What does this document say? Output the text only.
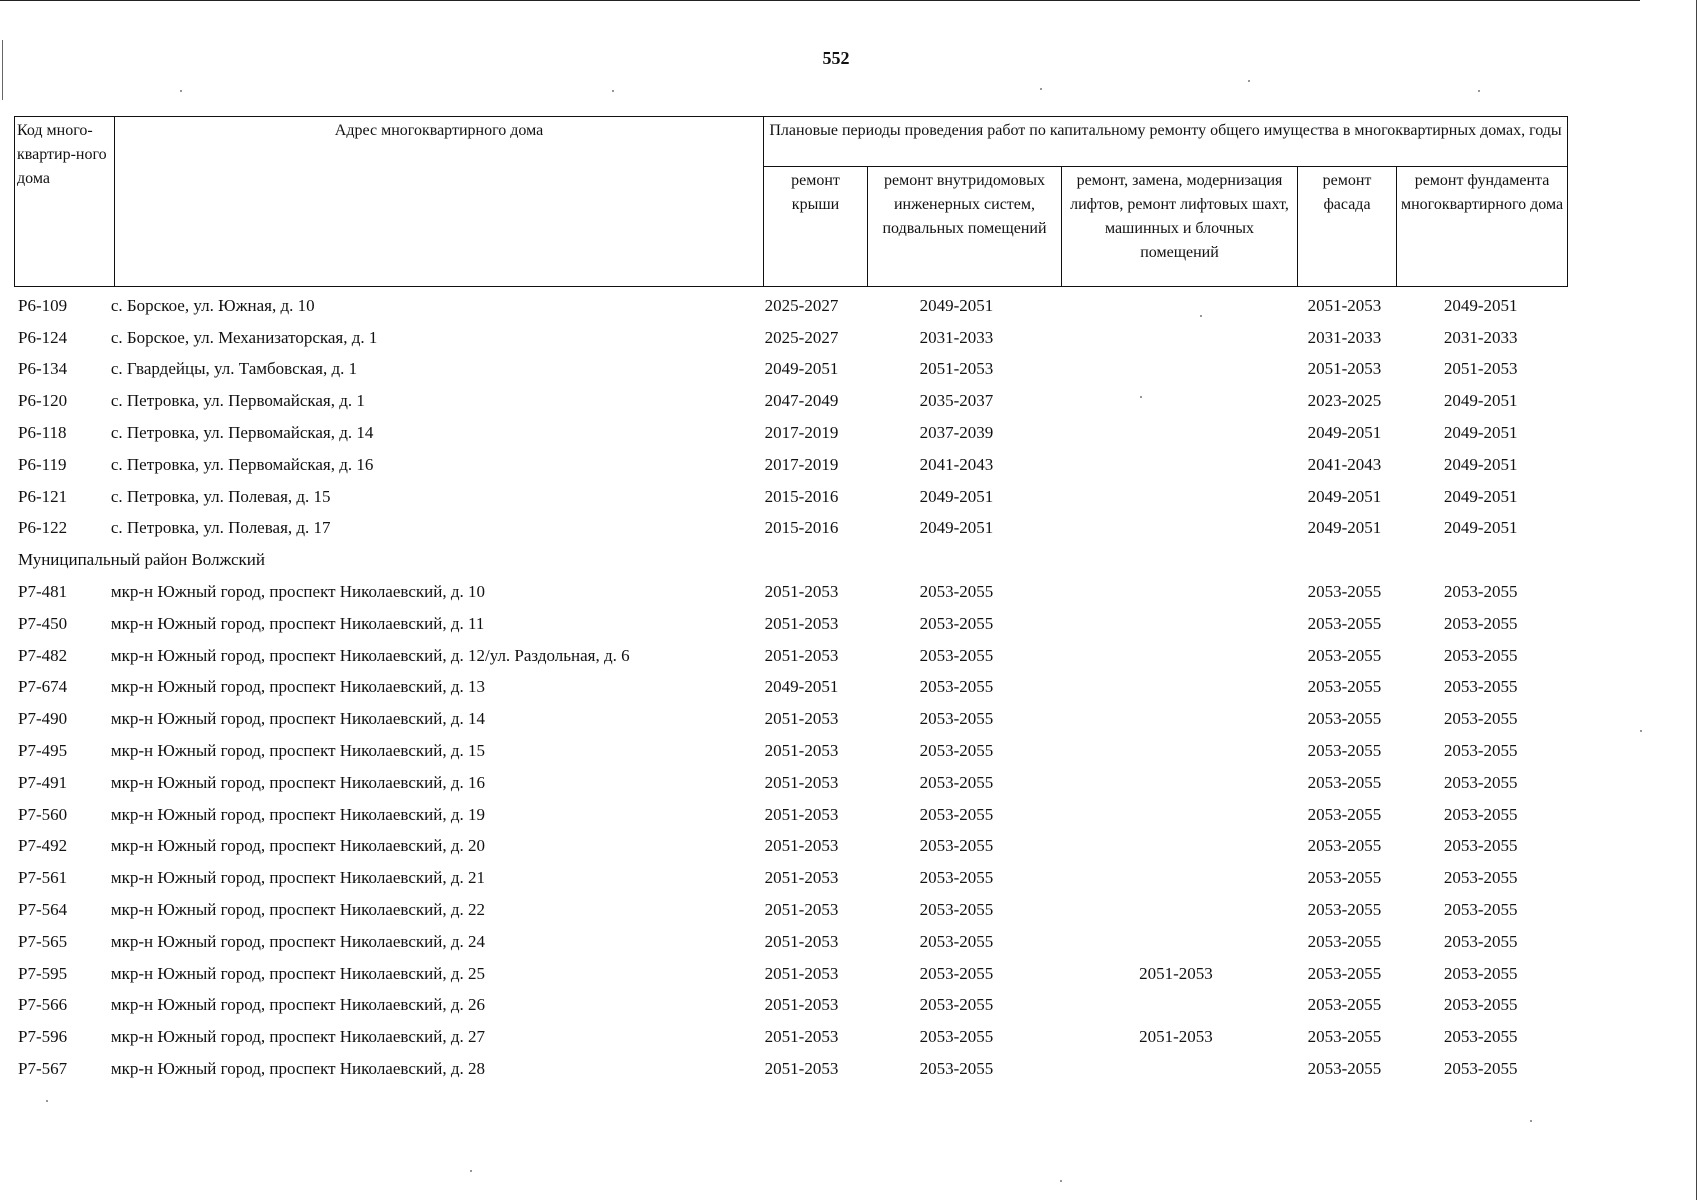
552
Код много-квартир-ного дома	Адрес многоквартирного дома	Плановые периоды проведения работ по капитальному ремонту общего имущества в многоквартирных домах, годы				
		ремонт крыши	ремонт внутридомовых инженерных систем, подвальных помещений	ремонт, замена, модернизация лифтов, ремонт лифтовых шахт, машинных и блочных помещений	ремонт фасада	ремонт фундамента многоквартирного дома
Р6-109	с. Борское, ул. Южная, д. 10	2025-2027	2049-2051		2051-2053	2049-2051
Р6-124	с. Борское, ул. Механизаторская, д. 1	2025-2027	2031-2033		2031-2033	2031-2033
Р6-134	с. Гвардейцы, ул. Тамбовская, д. 1	2049-2051	2051-2053		2051-2053	2051-2053
Р6-120	с. Петровка, ул. Первомайская, д. 1	2047-2049	2035-2037		2023-2025	2049-2051
Р6-118	с. Петровка, ул. Первомайская, д. 14	2017-2019	2037-2039		2049-2051	2049-2051
Р6-119	с. Петровка, ул. Первомайская, д. 16	2017-2019	2041-2043		2041-2043	2049-2051
Р6-121	с. Петровка, ул. Полевая, д. 15	2015-2016	2049-2051		2049-2051	2049-2051
Р6-122	с. Петровка, ул. Полевая, д. 17	2015-2016	2049-2051		2049-2051	2049-2051
Муниципальный район Волжский						
Р7-481	мкр-н Южный город, проспект Николаевский, д. 10	2051-2053	2053-2055		2053-2055	2053-2055
Р7-450	мкр-н Южный город, проспект Николаевский, д. 11	2051-2053	2053-2055		2053-2055	2053-2055
Р7-482	мкр-н Южный город, проспект Николаевский, д. 12/ул. Раздольная, д. 6	2051-2053	2053-2055		2053-2055	2053-2055
Р7-674	мкр-н Южный город, проспект Николаевский, д. 13	2049-2051	2053-2055		2053-2055	2053-2055
Р7-490	мкр-н Южный город, проспект Николаевский, д. 14	2051-2053	2053-2055		2053-2055	2053-2055
Р7-495	мкр-н Южный город, проспект Николаевский, д. 15	2051-2053	2053-2055		2053-2055	2053-2055
Р7-491	мкр-н Южный город, проспект Николаевский, д. 16	2051-2053	2053-2055		2053-2055	2053-2055
Р7-560	мкр-н Южный город, проспект Николаевский, д. 19	2051-2053	2053-2055		2053-2055	2053-2055
Р7-492	мкр-н Южный город, проспект Николаевский, д. 20	2051-2053	2053-2055		2053-2055	2053-2055
Р7-561	мкр-н Южный город, проспект Николаевский, д. 21	2051-2053	2053-2055		2053-2055	2053-2055
Р7-564	мкр-н Южный город, проспект Николаевский, д. 22	2051-2053	2053-2055		2053-2055	2053-2055
Р7-565	мкр-н Южный город, проспект Николаевский, д. 24	2051-2053	2053-2055		2053-2055	2053-2055
Р7-595	мкр-н Южный город, проспект Николаевский, д. 25	2051-2053	2053-2055	2051-2053	2053-2055	2053-2055
Р7-566	мкр-н Южный город, проспект Николаевский, д. 26	2051-2053	2053-2055		2053-2055	2053-2055
Р7-596	мкр-н Южный город, проспект Николаевский, д. 27	2051-2053	2053-2055	2051-2053	2053-2055	2053-2055
Р7-567	мкр-н Южный город, проспект Николаевский, д. 28	2051-2053	2053-2055		2053-2055	2053-2055
